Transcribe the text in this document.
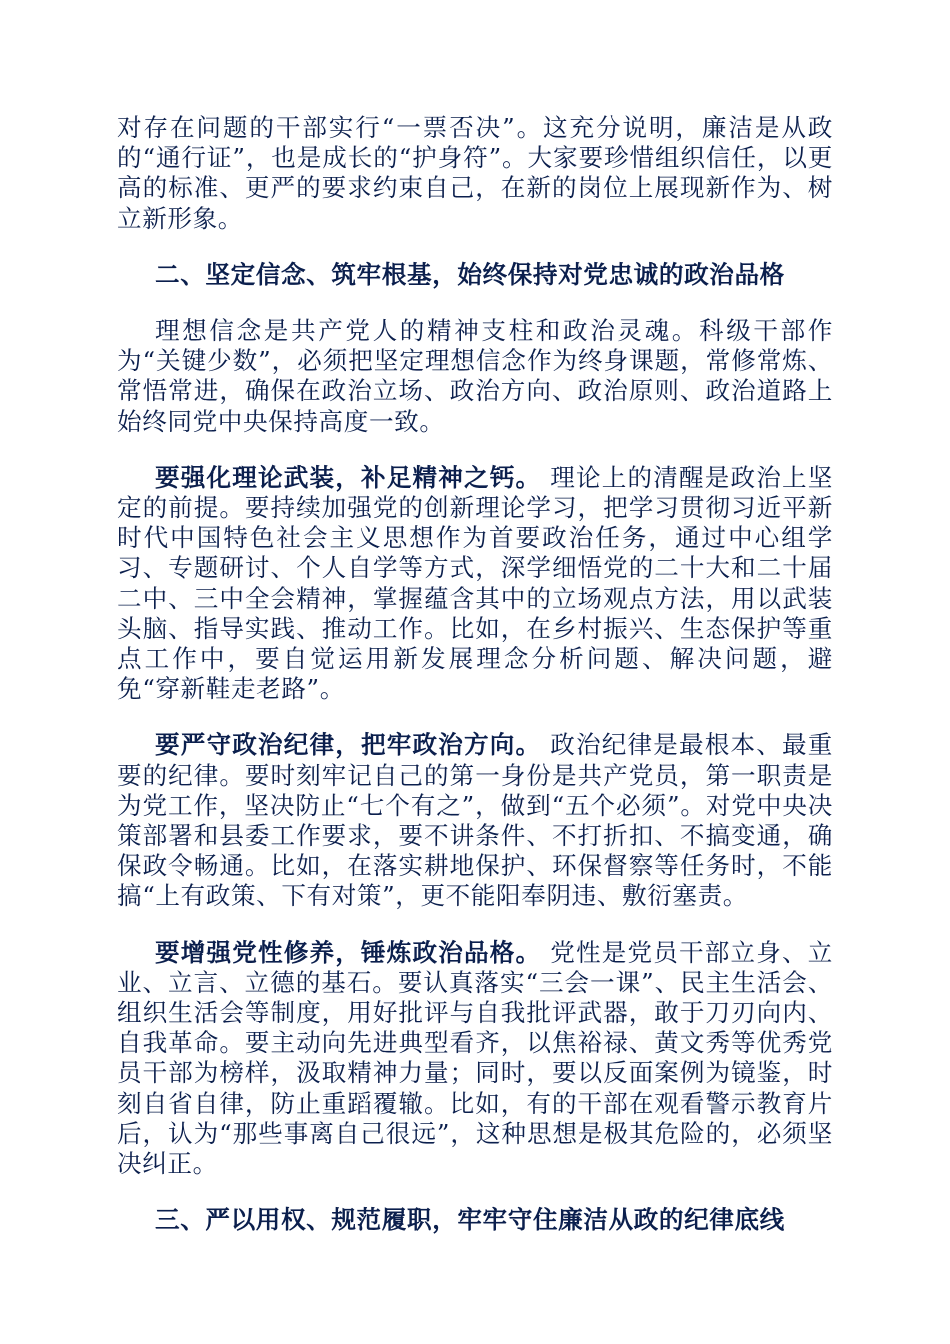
对存在问题的干部实行“一票否决”。这充分说明，廉洁是从政的“通行证”，也是成长的“护身符”。大家要珍惜组织信任，以更高的标准、更严的要求约束自己，在新的岗位上展现新作为、树立新形象。

二、坚定信念、筑牢根基，始终保持对党忠诚的政治品格

理想信念是共产党人的精神支柱和政治灵魂。科级干部作为“关键少数”，必须把坚定理想信念作为终身课题，常修常炼、常悟常进，确保在政治立场、政治方向、政治原则、政治道路上始终同党中央保持高度一致。

要强化理论武装，补足精神之钙。 理论上的清醒是政治上坚定的前提。要持续加强党的创新理论学习，把学习贯彻习近平新时代中国特色社会主义思想作为首要政治任务，通过中心组学习、专题研讨、个人自学等方式，深学细悟党的二十大和二十届二中、三中全会精神，掌握蕴含其中的立场观点方法，用以武装头脑、指导实践、推动工作。比如，在乡村振兴、生态保护等重点工作中，要自觉运用新发展理念分析问题、解决问题，避免“穿新鞋走老路”。

要严守政治纪律，把牢政治方向。 政治纪律是最根本、最重要的纪律。要时刻牢记自己的第一身份是共产党员，第一职责是为党工作，坚决防止“七个有之”，做到“五个必须”。对党中央决策部署和县委工作要求，要不讲条件、不打折扣、不搞变通，确保政令畅通。比如，在落实耕地保护、环保督察等任务时，不能搞“上有政策、下有对策”，更不能阳奉阴违、敷衍塞责。

要增强党性修养，锤炼政治品格。 党性是党员干部立身、立业、立言、立德的基石。要认真落实“三会一课”、民主生活会、组织生活会等制度，用好批评与自我批评武器，敢于刀刃向内、自我革命。要主动向先进典型看齐，以焦裕禄、黄文秀等优秀党员干部为榜样，汲取精神力量；同时，要以反面案例为镜鉴，时刻自省自律，防止重蹈覆辙。比如，有的干部在观看警示教育片后，认为“那些事离自己很远”，这种思想是极其危险的，必须坚决纠正。

三、严以用权、规范履职，牢牢守住廉洁从政的纪律底线
